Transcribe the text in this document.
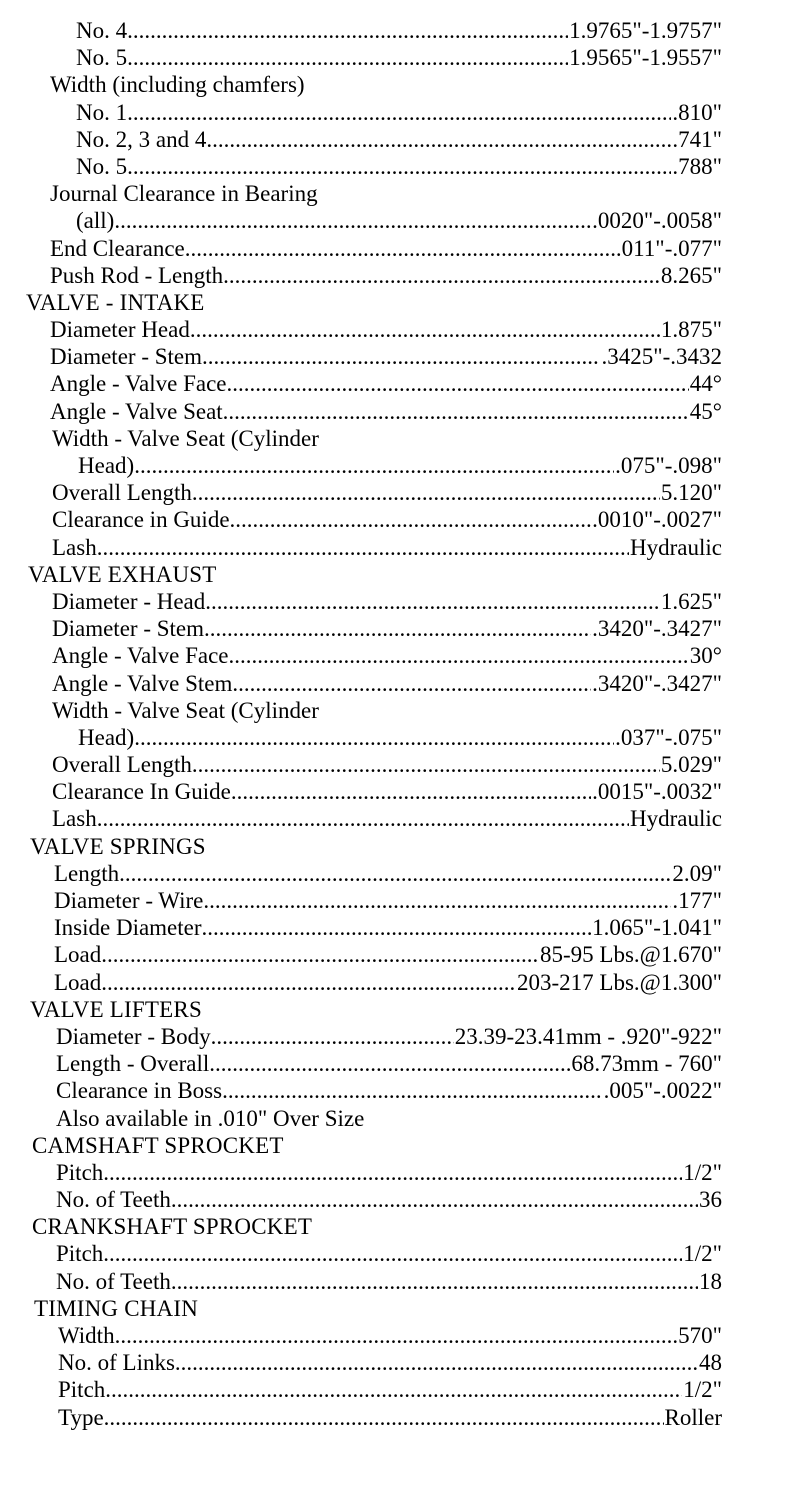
No. 4 .....	1.9765"-1.9757"
No. 5 .....	1.9565"-1.9557"
Width (including chamfers)
No. 1 .....	.810"
No. 2, 3 and 4 .....	.741"
No. 5 .....	.788"
Journal Clearance in Bearing
(all) .....	.0020"-.0058"
End Clearance .....	.011"-.077"
Push Rod - Length .....	8.265"
VALVE - INTAKE
Diameter Head .....	1.875"
Diameter - Stem .....	.3425"-.3432
Angle - Valve Face .....	44°
Angle - Valve Seat .....	45°
Width - Valve Seat (Cylinder
Head) .....	.075"-.098"
Overall Length .....	5.120"
Clearance in Guide .....	.0010"-.0027"
Lash .....	Hydraulic
VALVE EXHAUST
Diameter - Head .....	1.625"
Diameter - Stem .....	.3420"-.3427"
Angle - Valve Face .....	30°
Angle - Valve Stem .....	.3420"-.3427"
Width - Valve Seat (Cylinder
Head) .....	.037"-.075"
Overall Length .....	5.029"
Clearance In Guide .....	.0015"-.0032"
Lash .....	Hydraulic
VALVE SPRINGS
Length .....	2.09"
Diameter - Wire .....	.177"
Inside Diameter .....	1.065"-1.041"
Load .....	85-95 Lbs.@1.670"
Load .....	203-217 Lbs.@1.300"
VALVE LIFTERS
Diameter - Body .....	23.39-23.41mm - .920"-922"
Length - Overall .....	68.73mm - 760"
Clearance in Boss .....	.005"-.0022"
Also available in .010" Over Size
CAMSHAFT SPROCKET
Pitch .....	1/2"
No. of Teeth .....	36
CRANKSHAFT SPROCKET
Pitch .....	1/2"
No. of Teeth .....	18
TIMING CHAIN
Width .....	.570"
No. of Links .....	48
Pitch .....	1/2"
Type .....	Roller
